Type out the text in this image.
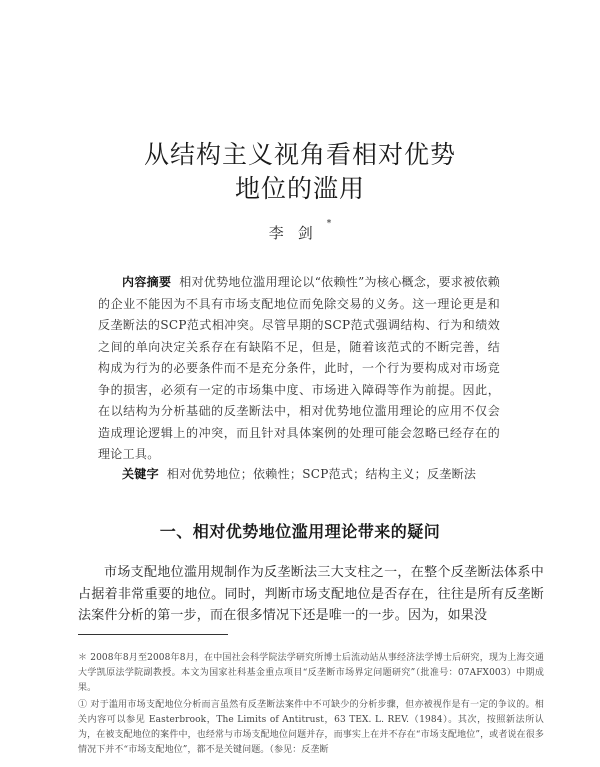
从结构主义视角看相对优势
地位的滥用
李剑*
内容摘要 相对优势地位滥用理论以“依赖性”为核心概念，要求被依赖的企业不能因为不具有市场支配地位而免除交易的义务。这一理论更是和反垄断法的SCP范式相冲突。尽管早期的SCP范式强调结构、行为和绩效之间的单向决定关系存在有缺陷不足，但是，随着该范式的不断完善，结构成为行为的必要条件而不是充分条件，此时，一个行为要构成对市场竞争的损害，必须有一定的市场集中度、市场进入障碍等作为前提。因此，在以结构为分析基础的反垄断法中，相对优势地位滥用理论的应用不仅会造成理论逻辑上的冲突，而且针对具体案例的处理可能会忽略已经存在的理论工具。
关键字 相对优势地位；依赖性；SCP范式；结构主义；反垄断法
一、相对优势地位滥用理论带来的疑问
市场支配地位滥用规制作为反垄断法三大支柱之一，在整个反垄断法体系中占据着非常重要的地位。同时，判断市场支配地位是否存在，往往是所有反垄断法案件分析的第一步，而在很多情况下还是唯一的一步。因为，如果没
＊ 2008年8月至2008年8月，在中国社会科学院法学研究所博士后流动站从事经济法学博士后研究，现为上海交通大学凯原法学院副教授。本文为国家社科基金重点项目“反垄断市场界定问题研究”（批准号：07AFX003）中期成果。
① 对于滥用市场支配地位分析而言虽然有反垄断法案件中不可缺少的分析步骤，但亦被视作是有一定的争议的。相关内容可以参见 Easterbrook，The Limits of Antitrust，63 TEX. L. REV.（1984）。其次，按照新法所认为，在被支配地位的案件中，也经常与市场支配地位问题并存，而事实上在并不存在“市场支配地位”，或者说在很多情况下并不“市场支配地位”，都不是关键问题。（参见：反垄断
